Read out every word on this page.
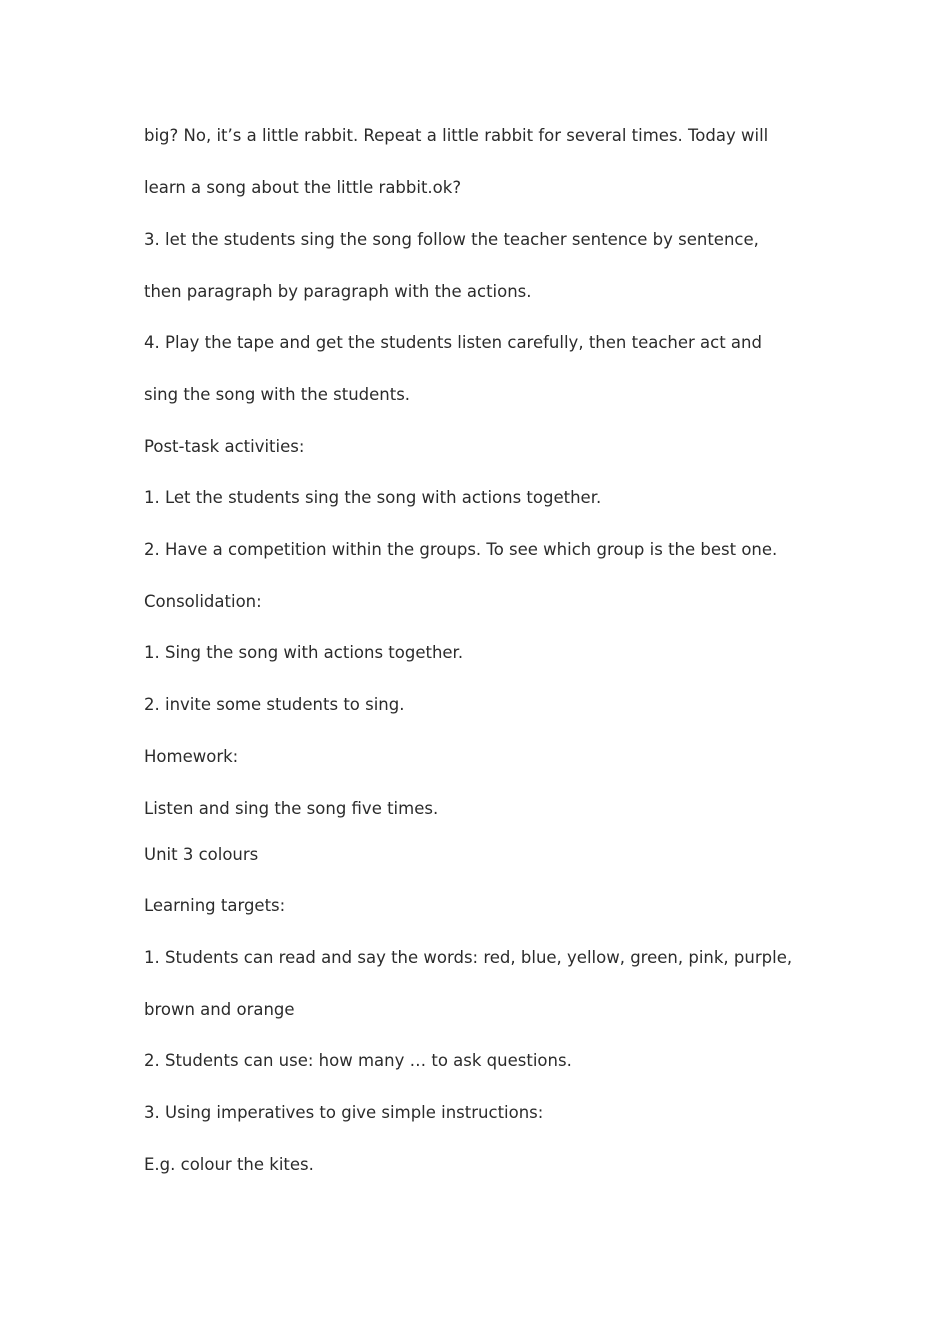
big? No, it’s a little rabbit. Repeat a little rabbit for several times. Today will

learn a song about the little rabbit.ok?

3. let the students sing the song follow the teacher sentence by sentence,

then paragraph by paragraph with the actions.

4. Play the tape and get the students listen carefully, then teacher act and

sing the song with the students.

Post-task activities:

1. Let the students sing the song with actions together.

2. Have a competition within the groups. To see which group is the best one.

Consolidation:

1. Sing the song with actions together.

2. invite some students to sing.

Homework:

Listen and sing the song five times.

Unit 3 colours

Learning targets:

1. Students can read and say the words: red, blue, yellow, green, pink, purple,

brown and orange

2. Students can use: how many … to ask questions.

3. Using imperatives to give simple instructions:

E.g. colour the kites.
